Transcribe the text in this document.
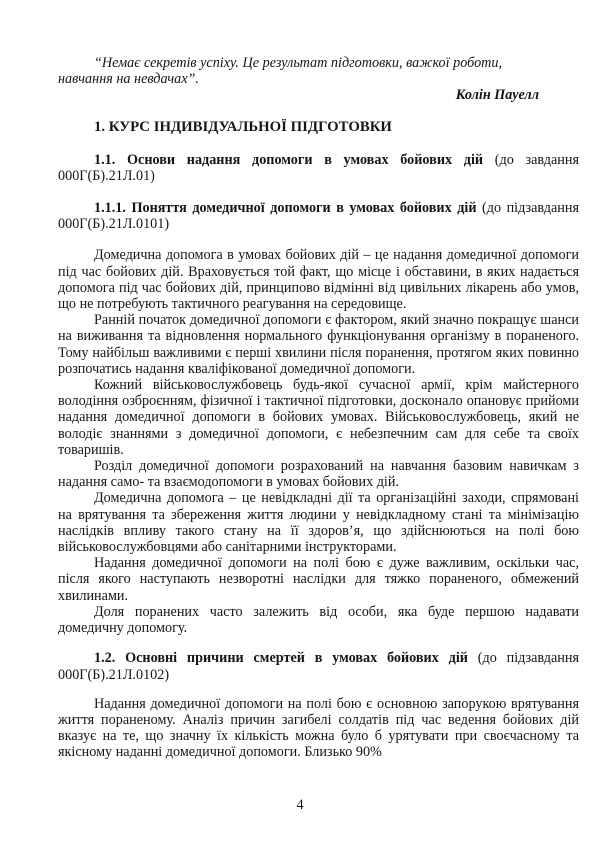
“Немає секретів успіху. Це результат підготовки, важкої роботи, навчання на невдачах”.

Колін Пауелл

1. КУРС ІНДИВІДУАЛЬНОЇ ПІДГОТОВКИ
1.1. Основи надання допомоги в умовах бойових дій (до завдання 000Г(Б).21Л.01)
1.1.1. Поняття домедичної допомоги в умовах бойових дій (до підзавдання 000Г(Б).21Л.0101)

Домедична допомога в умовах бойових дій – це надання домедичної допомоги під час бойових дій. Враховується той факт, що місце і обставини, в яких надається допомога під час бойових дій, принципово відмінні від цивільних лікарень або умов, що не потребують тактичного реагування на середовище.

Ранній початок домедичної допомоги є фактором, який значно покращує шанси на виживання та відновлення нормального функціонування організму в пораненого. Тому найбільш важливими є перші хвилини після поранення, протягом яких повинно розпочатись надання кваліфікованої домедичної допомоги.

Кожний військовослужбовець будь-якої сучасної армії, крім майстерного володіння озброєнням, фізичної і тактичної підготовки, досконало опановує прийоми надання домедичної допомоги в бойових умовах. Військовослужбовець, який не володіє знаннями з домедичної допомоги, є небезпечним сам для себе та своїх товаришів.

Розділ домедичної допомоги розрахований на навчання базовим навичкам з надання само- та взаємодопомоги в умовах бойових дій.

Домедична допомога – це невідкладні дії та організаційні заходи, спрямовані на врятування та збереження життя людини у невідкладному стані та мінімізацію наслідків впливу такого стану на її здоров’я, що здійснюються на полі бою військовослужбовцями або санітарними інструкторами.

Надання домедичної допомоги на полі бою є дуже важливим, оскільки час, після якого наступають незворотні наслідки для тяжко пораненого, обмежений хвилинами.

Доля поранених часто залежить від особи, яка буде першою надавати домедичну допомогу.

1.2. Основні причини смертей в умовах бойових дій (до підзавдання 000Г(Б).21Л.0102)

Надання домедичної допомоги на полі бою є основною запорукою врятування життя пораненому. Аналіз причин загибелі солдатів під час ведення бойових дій вказує на те, що значну їх кількість можна було б урятувати при своєчасному та якісному наданні домедичної допомоги. Близько 90%

4
